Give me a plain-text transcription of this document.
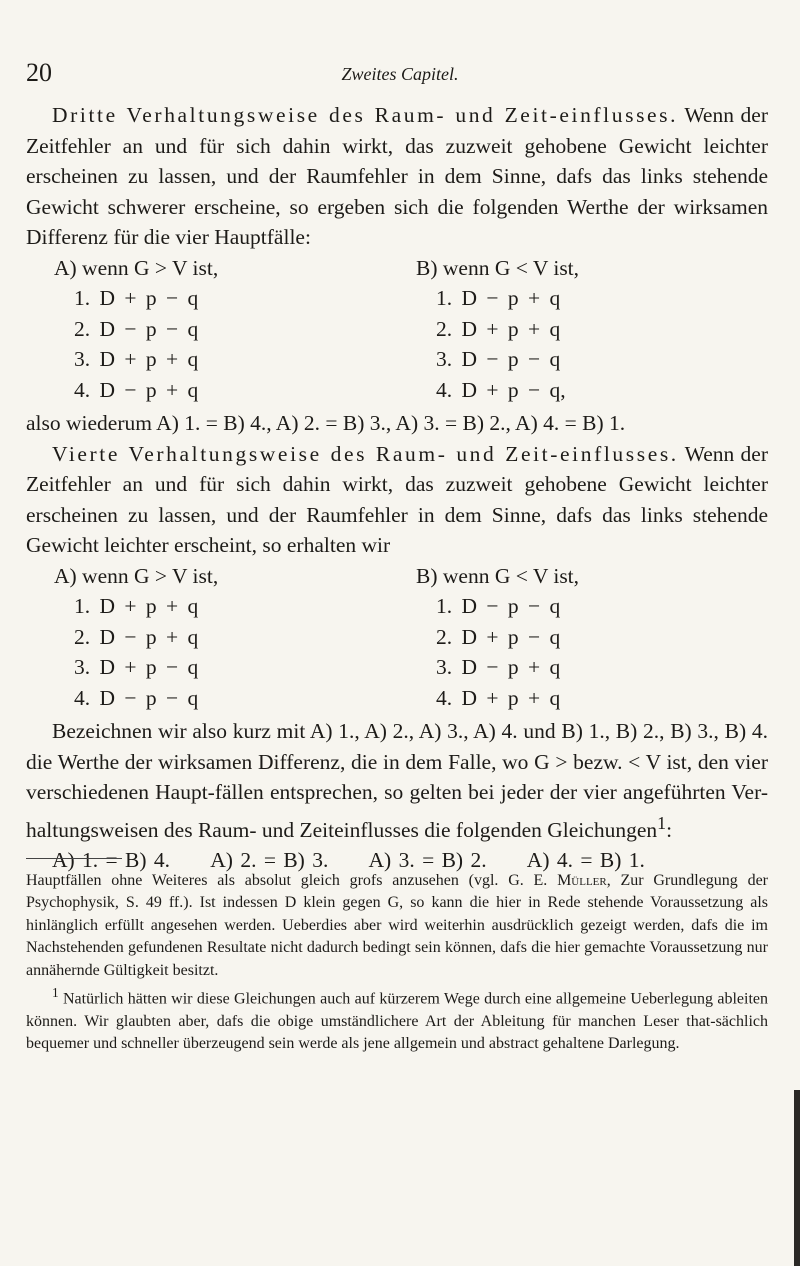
20	Zweites Capitel.

Dritte Verhaltungsweise des Raum- und Zeit-einflusses. Wenn der Zeitfehler an und für sich dahin wirkt, das zuzweit gehobene Gewicht leichter erscheinen zu lassen, und der Raumfehler in dem Sinne, dafs das links stehende Gewicht schwerer erscheine, so ergeben sich die folgenden Werthe der wirksamen Differenz für die vier Hauptfälle:

A) wenn G > V ist,
1. D + p − q
2. D − p − q
3. D + p + q
4. D − p + q
B) wenn G < V ist,
1. D − p + q
2. D + p + q
3. D − p − q
4. D + p − q,

also wiederum A) 1. = B) 4., A) 2. = B) 3., A) 3. = B) 2., A) 4. = B) 1.

Vierte Verhaltungsweise des Raum- und Zeit-einflusses. Wenn der Zeitfehler an und für sich dahin wirkt, das zuzweit gehobene Gewicht leichter erscheinen zu lassen, und der Raumfehler in dem Sinne, dafs das links stehende Gewicht leichter erscheint, so erhalten wir

A) wenn G > V ist,
1. D + p + q
2. D − p + q
3. D + p − q
4. D − p − q
B) wenn G < V ist,
1. D − p − q
2. D + p − q
3. D − p + q
4. D + p + q

Bezeichnen wir also kurz mit A) 1., A) 2., A) 3., A) 4. und B) 1., B) 2., B) 3., B) 4. die Werthe der wirksamen Differenz, die in dem Falle, wo G > bezw. < V ist, den vier verschiedenen Haupt-fällen entsprechen, so gelten bei jeder der vier angeführten Ver-haltungsweisen des Raum- und Zeiteinflusses die folgenden Gleichungen$^1$:

A) 1. = B) 4. A) 2. = B) 3. A) 3. = B) 2. A) 4. = B) 1.

Hauptfällen ohne Weiteres als absolut gleich grofs anzusehen (vgl. G. E. Müller, Zur Grundlegung der Psychophysik, S. 49 ff.). Ist indessen D klein gegen G, so kann die hier in Rede stehende Voraussetzung als hinlänglich erfüllt angesehen werden. Ueberdies aber wird weiterhin ausdrücklich gezeigt werden, dafs die im Nachstehenden gefundenen Resultate nicht dadurch bedingt sein können, dafs die hier gemachte Voraussetzung nur annähernde Gültigkeit besitzt.

$^1$ Natürlich hätten wir diese Gleichungen auch auf kürzerem Wege durch eine allgemeine Ueberlegung ableiten können. Wir glaubten aber, dafs die obige umständlichere Art der Ableitung für manchen Leser that-sächlich bequemer und schneller überzeugend sein werde als jene allgemein und abstract gehaltene Darlegung.
